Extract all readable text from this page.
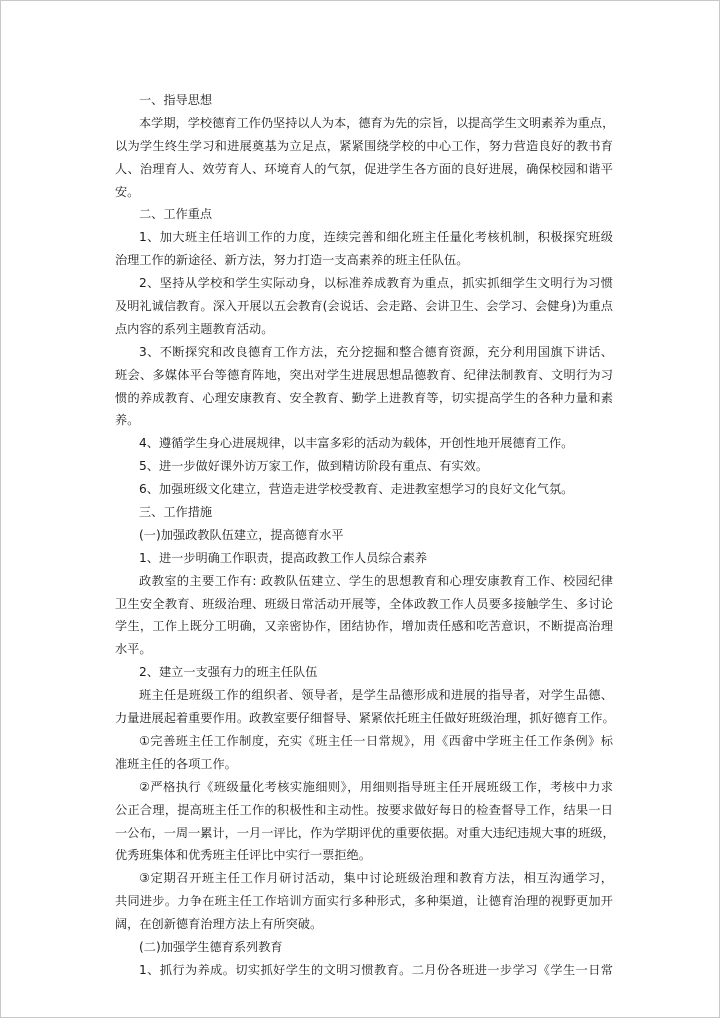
一、指导思想
本学期，学校德育工作仍坚持以人为本，德育为先的宗旨，以提高学生文明素养为重点，
以为学生终生学习和进展奠基为立足点，紧紧围绕学校的中心工作，努力营造良好的教书育
人、治理育人、效劳育人、环境育人的气氛，促进学生各方面的良好进展，确保校园和谐平
安。
二、工作重点
1、加大班主任培训工作的力度，连续完善和细化班主任量化考核机制，积极探究班级
治理工作的新途径、新方法，努力打造一支高素养的班主任队伍。
2、坚持从学校和学生实际动身，以标准养成教育为重点，抓实抓细学生文明行为习惯
及明礼诚信教育。深入开展以五会教育(会说话、会走路、会讲卫生、会学习、会健身)为重点
点内容的系列主题教育活动。
3、不断探究和改良德育工作方法，充分挖掘和整合德育资源，充分利用国旗下讲话、
班会、多媒体平台等德育阵地，突出对学生进展思想品德教育、纪律法制教育、文明行为习
惯的养成教育、心理安康教育、安全教育、勤学上进教育等，切实提高学生的各种力量和素
养。
4、遵循学生身心进展规律，以丰富多彩的活动为载体，开创性地开展德育工作。
5、进一步做好课外访万家工作，做到精访阶段有重点、有实效。
6、加强班级文化建立，营造走进学校受教育、走进教室想学习的良好文化气氛。
三、工作措施
(一)加强政教队伍建立，提高德育水平
1、进一步明确工作职责，提高政教工作人员综合素养
政教室的主要工作有: 政教队伍建立、学生的思想教育和心理安康教育工作、校园纪律
卫生安全教育、班级治理、班级日常活动开展等，全体政教工作人员要多接触学生、多讨论
学生，工作上既分工明确，又亲密协作，团结协作，增加责任感和吃苦意识，不断提高治理
水平。
2、建立一支强有力的班主任队伍
班主任是班级工作的组织者、领导者，是学生品德形成和进展的指导者，对学生品德、
力量进展起着重要作用。政教室要仔细督导、紧紧依托班主任做好班级治理，抓好德育工作。
①完善班主任工作制度，充实《班主任一日常规》，用《西畲中学班主任工作条例》标
准班主任的各项工作。
②严格执行《班级量化考核实施细则》，用细则指导班主任开展班级工作，考核中力求
公正合理，提高班主任工作的积极性和主动性。按要求做好每日的检查督导工作，结果一日
一公布，一周一累计，一月一评比，作为学期评优的重要依据。对重大违纪违规大事的班级，
优秀班集体和优秀班主任评比中实行一票拒绝。
③定期召开班主任工作月研讨活动，集中讨论班级治理和教育方法，相互沟通学习，
共同进步。力争在班主任工作培训方面实行多种形式，多种渠道，让德育治理的视野更加开
阔，在创新德育治理方法上有所突破。
(二)加强学生德育系列教育
1、抓行为养成。切实抓好学生的文明习惯教育。二月份各班进一步学习《学生一日常
